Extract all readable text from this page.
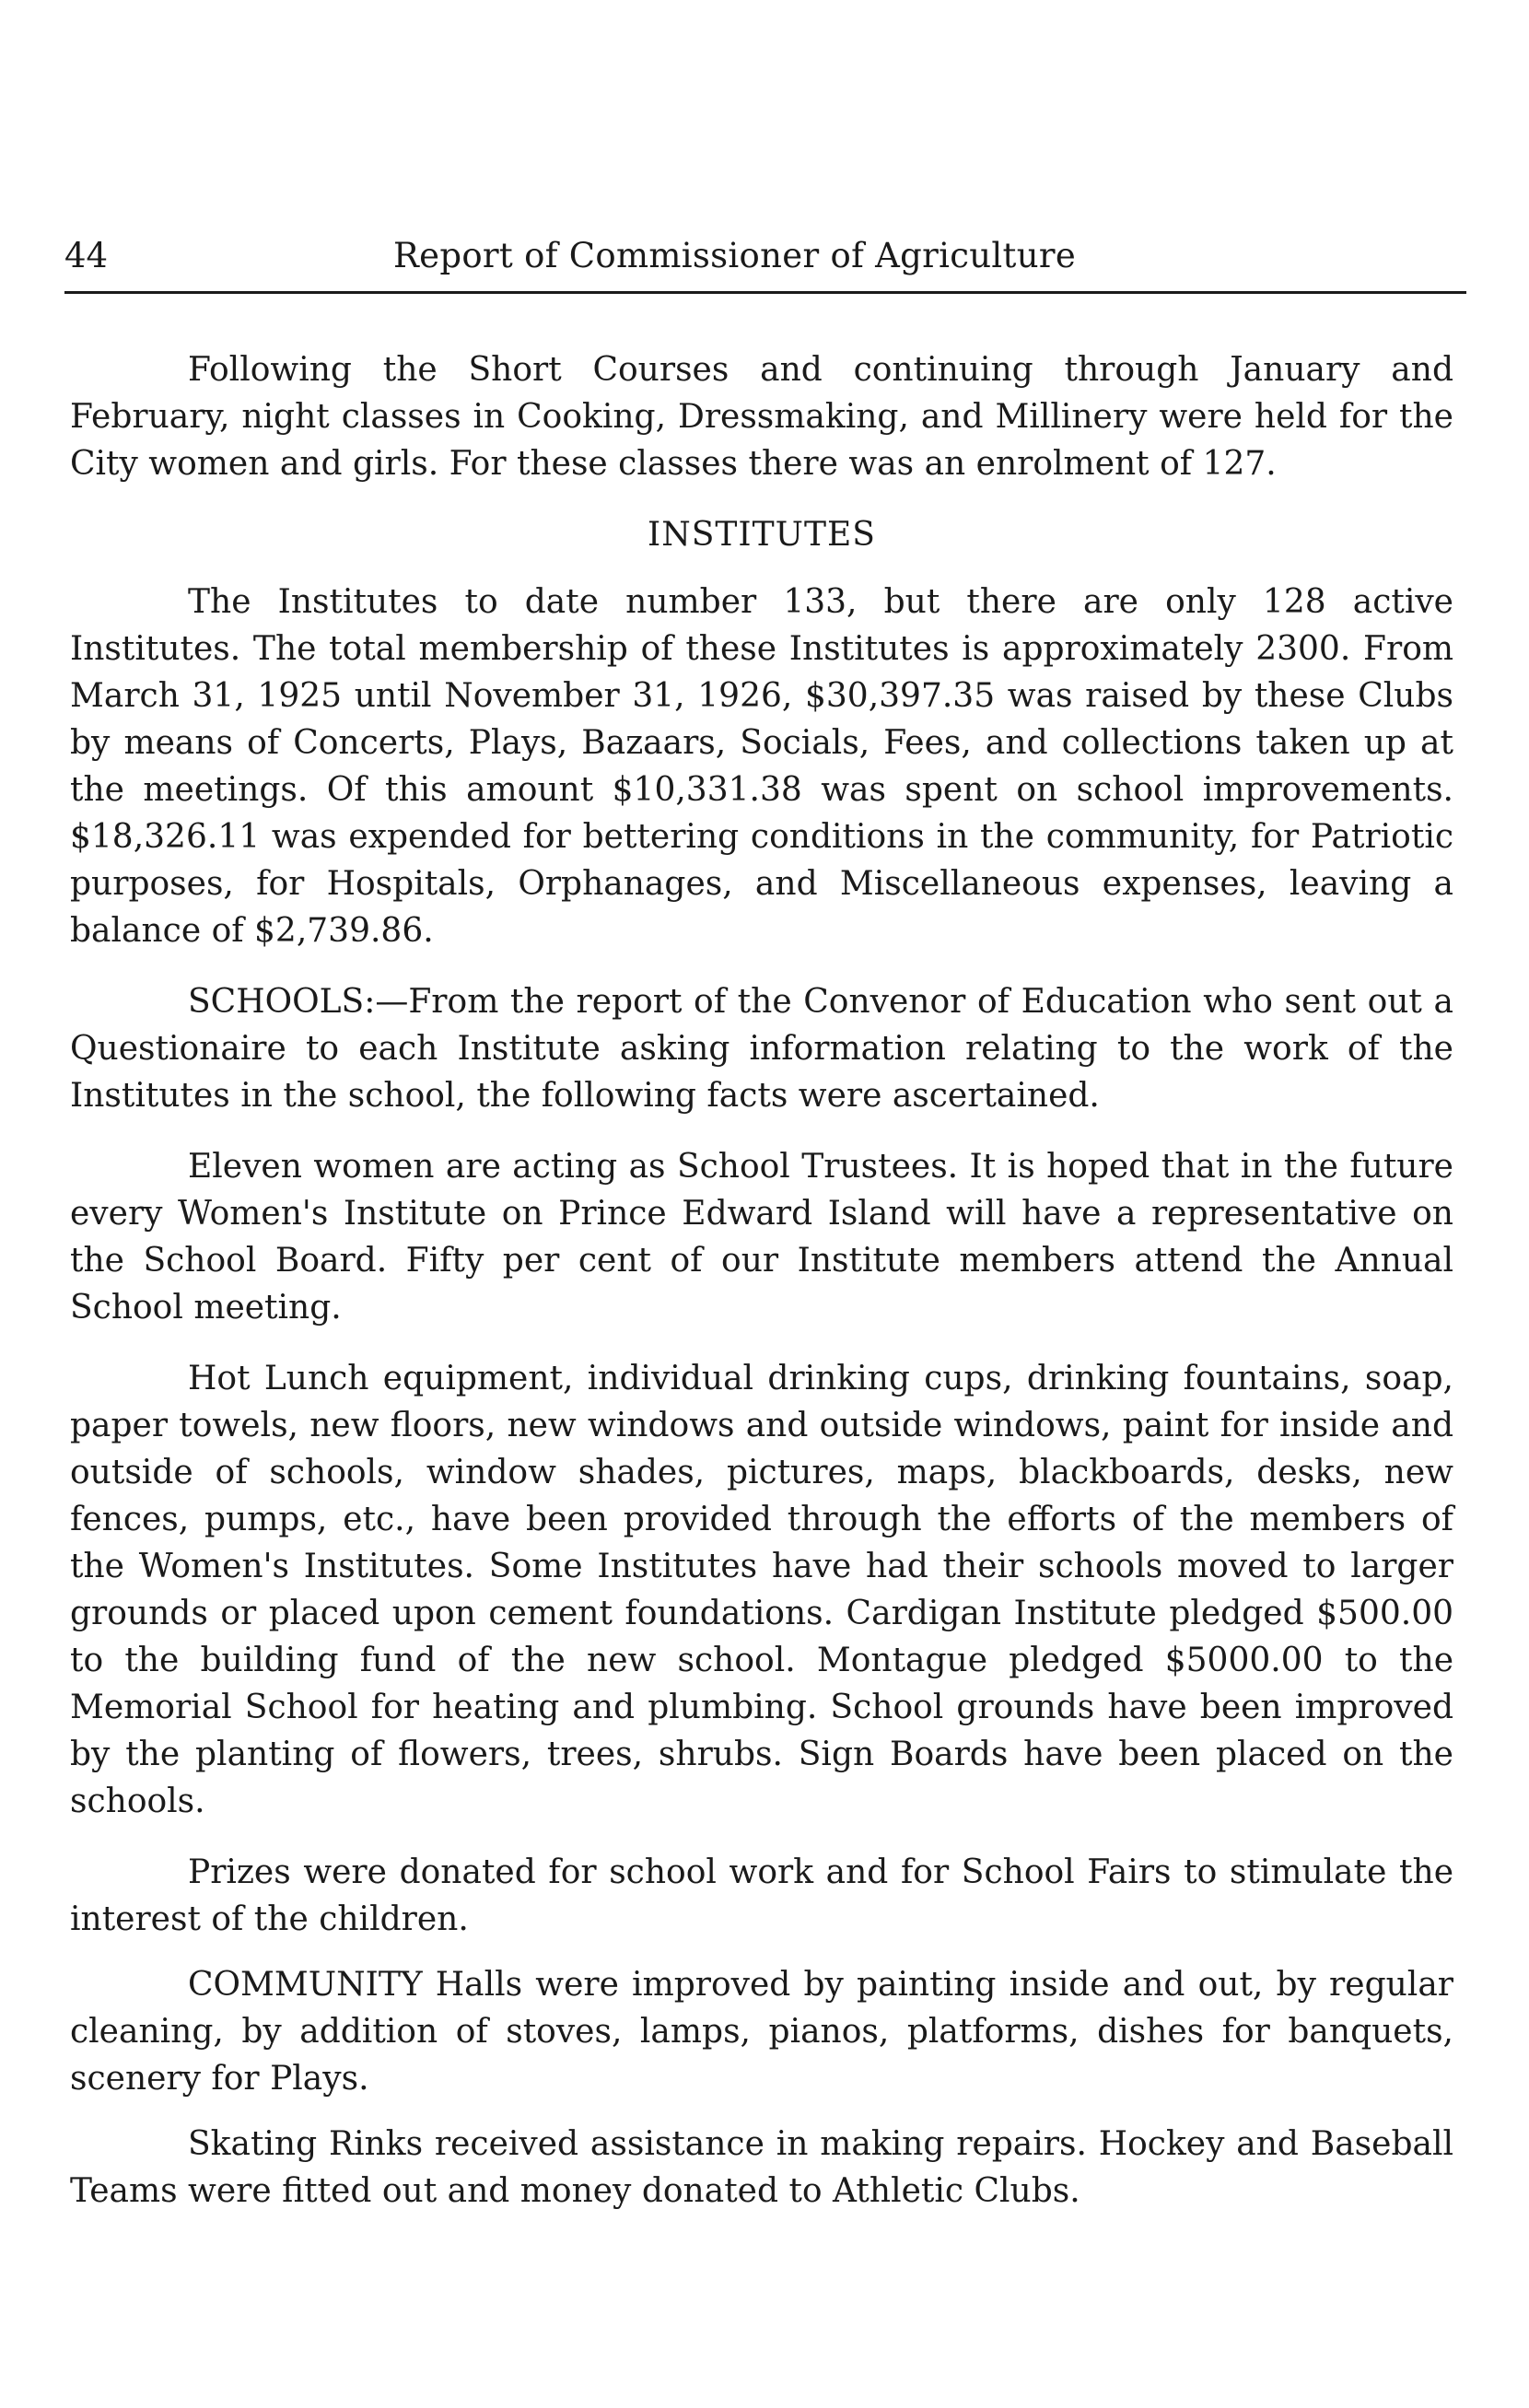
44	Report of Commissioner of Agriculture

Following the Short Courses and continuing through January and February, night classes in Cooking, Dressmaking, and Millinery were held for the City women and girls. For these classes there was an enrolment of 127.

INSTITUTES

The Institutes to date number 133, but there are only 128 active Institutes. The total membership of these Institutes is approximately 2300. From March 31, 1925 until November 31, 1926, $30,397.35 was raised by these Clubs by means of Concerts, Plays, Bazaars, Socials, Fees, and collections taken up at the meetings. Of this amount $10,331.38 was spent on school improvements. $18,326.11 was expended for bettering conditions in the community, for Patriotic purposes, for Hospitals, Orphanages, and Miscellaneous expenses, leaving a balance of $2,739.86.

SCHOOLS:—From the report of the Convenor of Education who sent out a Questionaire to each Institute asking information relating to the work of the Institutes in the school, the following facts were ascertained.

Eleven women are acting as School Trustees. It is hoped that in the future every Women's Institute on Prince Edward Island will have a representative on the School Board. Fifty per cent of our Institute members attend the Annual School meeting.

Hot Lunch equipment, individual drinking cups, drinking fountains, soap, paper towels, new floors, new windows and outside windows, paint for inside and outside of schools, window shades, pictures, maps, blackboards, desks, new fences, pumps, etc., have been provided through the efforts of the members of the Women's Institutes. Some Institutes have had their schools moved to larger grounds or placed upon cement foundations. Cardigan Institute pledged $500.00 to the building fund of the new school. Montague pledged $5000.00 to the Memorial School for heating and plumbing. School grounds have been improved by the planting of flowers, trees, shrubs. Sign Boards have been placed on the schools.

Prizes were donated for school work and for School Fairs to stimulate the interest of the children.

COMMUNITY Halls were improved by painting inside and out, by regular cleaning, by addition of stoves, lamps, pianos, platforms, dishes for banquets, scenery for Plays.

Skating Rinks received assistance in making repairs. Hockey and Baseball Teams were fitted out and money donated to Athletic Clubs.
